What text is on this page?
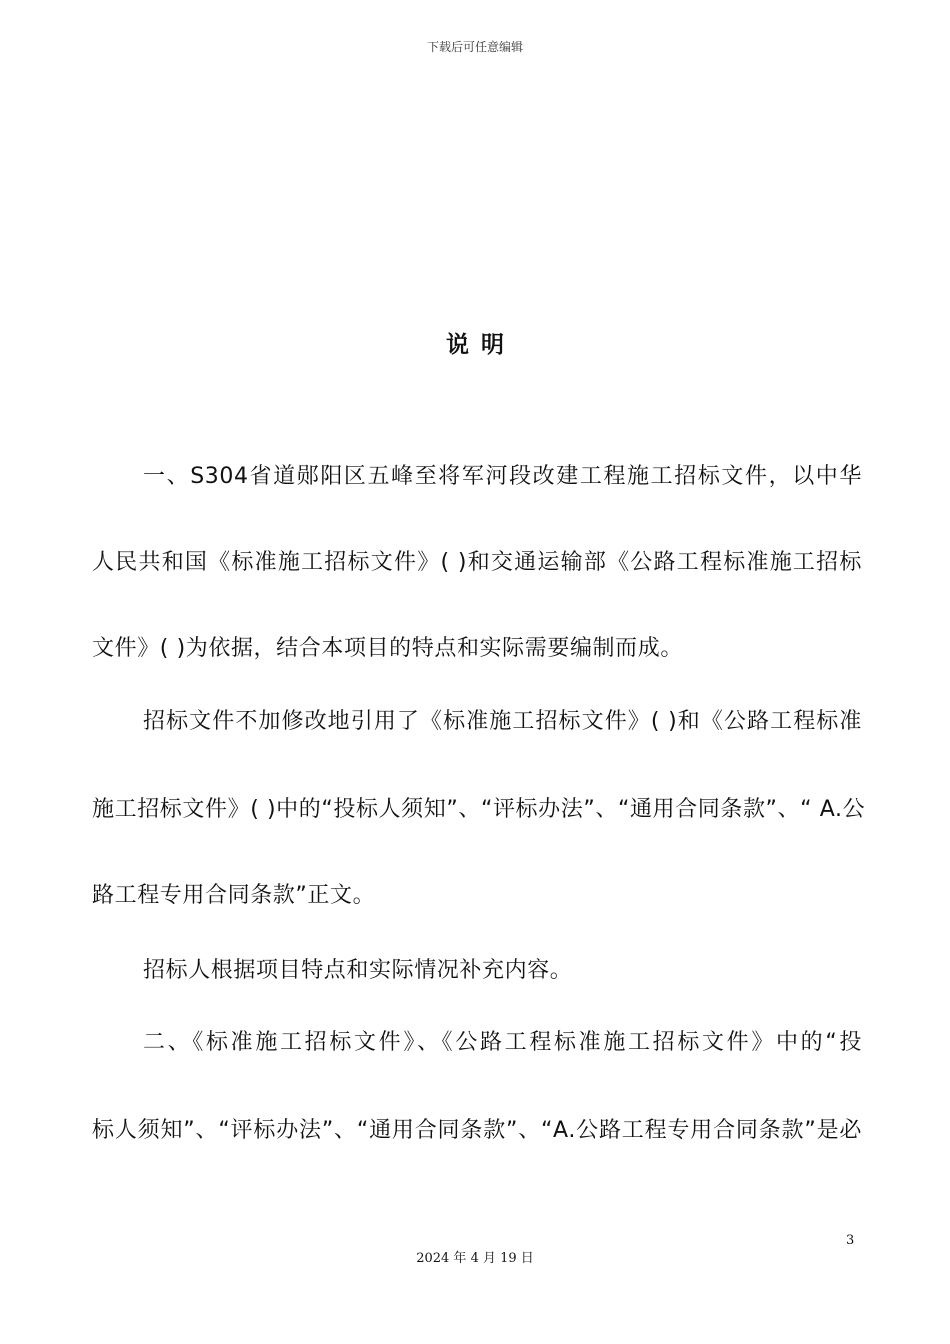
下载后可任意编辑
说明
一、S304省道郧阳区五峰至将军河段改建工程施工招标文件，以中华
人民共和国《标准施工招标文件》( )和交通运输部《公路工程标准施工招标
文件》( )为依据，结合本项目的特点和实际需要编制而成。
招标文件不加修改地引用了《标准施工招标文件》( )和《公路工程标准
施工招标文件》( )中的“投标人须知”、“评标办法”、“通用合同条款”、“ A.公
路工程专用合同条款”正文。
招标人根据项目特点和实际情况补充内容。
二、《标准施工招标文件》、《公路工程标准施工招标文件》中的“投
标人须知”、“评标办法”、“通用合同条款”、“A.公路工程专用合同条款”是必
3
2024 年 4 月 19 日
